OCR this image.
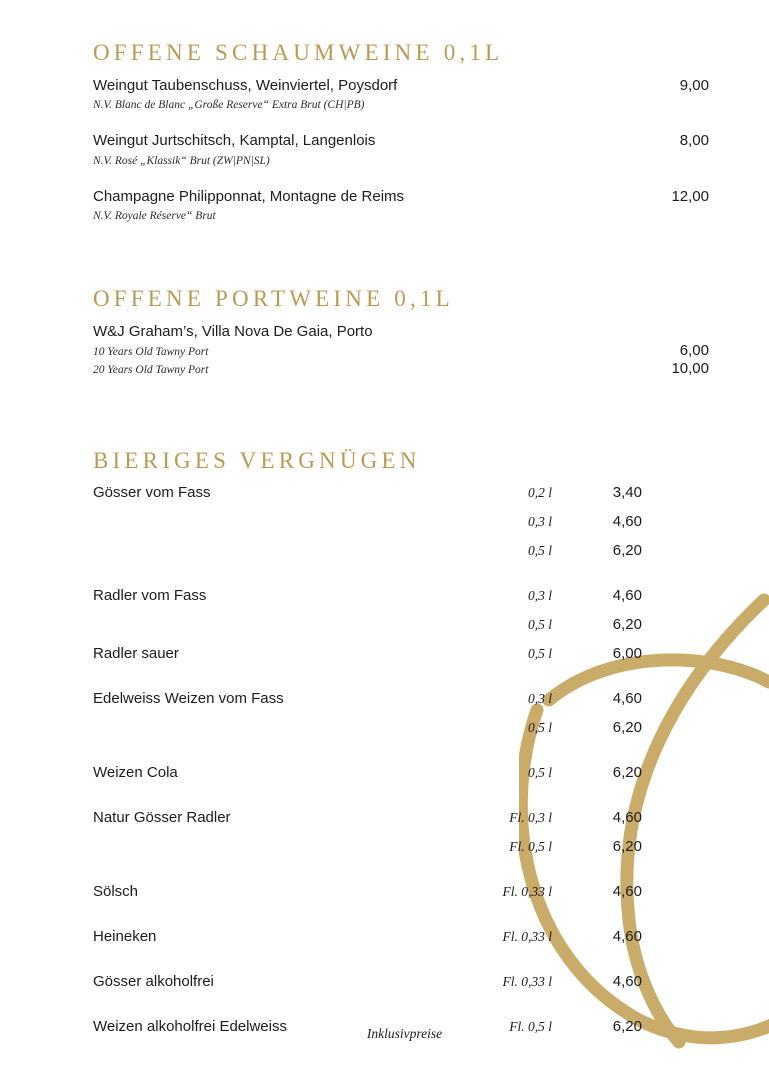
OFFENE SCHAUMWEINE 0,1L
Weingut Taubenschuss, Weinviertel, Poysdorf	9,00
N.V. Blanc de Blanc „Große Reserve“ Extra Brut (CH|PB)
Weingut Jurtschitsch, Kamptal, Langenlois	8,00
N.V. Rosé „Klassik“ Brut (ZW|PN|SL)
Champagne Philipponnat, Montagne de Reims	12,00
N.V. Royale Réserve“ Brut
OFFENE PORTWEINE 0,1L
W&J Graham’s, Villa Nova De Gaia, Porto
10 Years Old Tawny Port	6,00
20 Years Old Tawny Port	10,00
BIERIGES VERGNÜGEN
Gösser vom Fass	0,2 l	3,40
0,3 l	4,60
0,5 l	6,20
Radler vom Fass	0,3 l	4,60
0,5 l	6,20
Radler sauer	0,5 l	6,00
Edelweiss Weizen vom Fass	0,3 l	4,60
0,5 l	6,20
Weizen Cola	0,5 l	6,20
Natur Gösser Radler	Fl. 0,3 l	4,60
Fl. 0,5 l	6,20
Sölsch	Fl. 0,33 l	4,60
Heineken	Fl. 0,33 l	4,60
Gösser alkoholfrei	Fl. 0,33 l	4,60
Weizen alkoholfrei Edelweiss	Fl. 0,5 l	6,20
Inklusivpreise
